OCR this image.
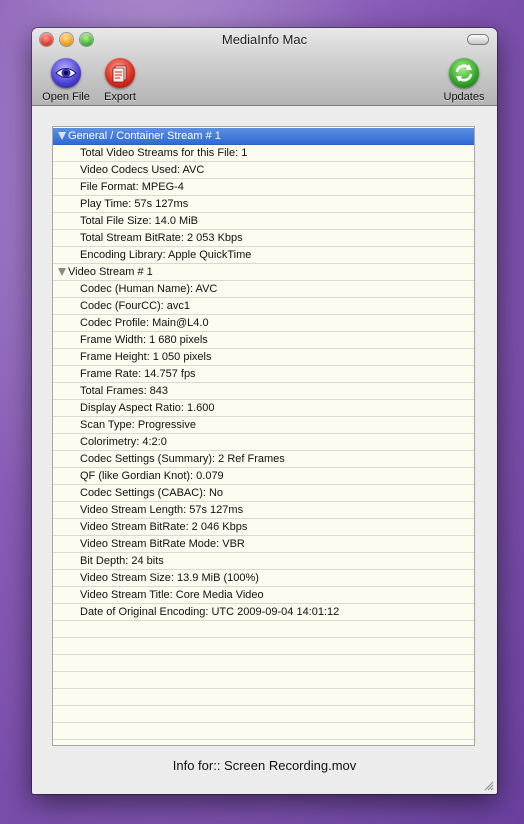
MediaInfo Mac
Open File	Export	Updates
General / Container Stream # 1
Total Video Streams for this File: 1
Video Codecs Used: AVC
File Format: MPEG-4
Play Time: 57s 127ms
Total File Size: 14.0 MiB
Total Stream BitRate: 2 053 Kbps
Encoding Library: Apple QuickTime
Video Stream # 1
Codec (Human Name): AVC
Codec (FourCC): avc1
Codec Profile: Main@L4.0
Frame Width: 1 680 pixels
Frame Height: 1 050 pixels
Frame Rate: 14.757 fps
Total Frames: 843
Display Aspect Ratio: 1.600
Scan Type: Progressive
Colorimetry: 4:2:0
Codec Settings (Summary): 2 Ref Frames
QF (like Gordian Knot): 0.079
Codec Settings (CABAC): No
Video Stream Length: 57s 127ms
Video Stream BitRate: 2 046 Kbps
Video Stream BitRate Mode: VBR
Bit Depth: 24 bits
Video Stream Size: 13.9 MiB (100%)
Video Stream Title: Core Media Video
Date of Original Encoding: UTC 2009-09-04 14:01:12
Info for:: Screen Recording.mov
